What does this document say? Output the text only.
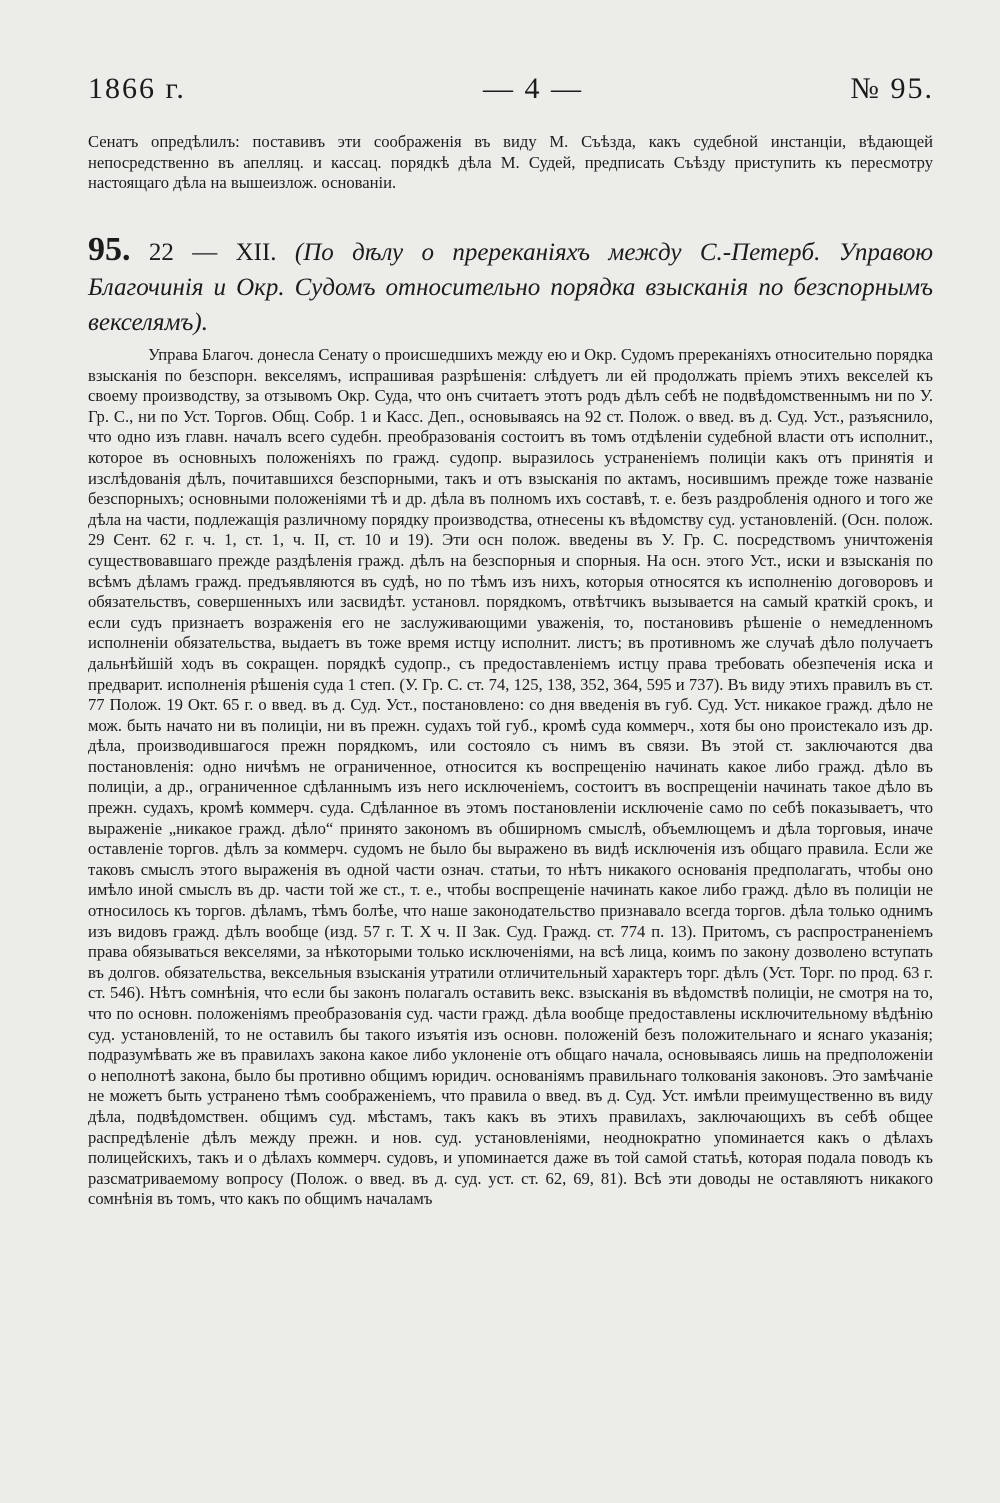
1866 г.	— 4 —	№ 95.

Сенатъ опредѣлилъ: поставивъ эти соображенія въ виду М. Съѣзда, какъ судебной инстанціи, вѣдающей непосредственно въ апелляц. и кассац. порядкѣ дѣла М. Судей, предписать Съѣзду приступить къ пересмотру настоящаго дѣла на вышеизлож. основаніи.

95. 22 — XII. (По дѣлу о пререканіяхъ между С.-Петерб. Управою Благочинія и Окр. Судомъ относительно порядка взысканія по безспорнымъ векселямъ).

Управа Благоч. донесла Сенату о происшедшихъ между ею и Окр. Судомъ пререканіяхъ относительно порядка взысканія по безспорн. векселямъ, испрашивая разрѣшенія: слѣдуетъ ли ей продолжать пріемъ этихъ векселей къ своему производству, за отзывомъ Окр. Суда, что онъ считаетъ этотъ родъ дѣлъ себѣ не подвѣдомственнымъ ни по У. Гр. С., ни по Уст. Торгов. Общ. Собр. 1 и Касс. Деп., основываясь на 92 ст. Полож. о введ. въ д. Суд. Уст., разъяснило, что одно изъ главн. началъ всего судебн. преобразованія состоитъ въ томъ отдѣленіи судебной власти отъ исполнит., которое въ основныхъ положеніяхъ по гражд. судопр. выразилось устраненіемъ полиціи какъ отъ принятія и изслѣдованія дѣлъ, почитавшихся безспорными, такъ и отъ взысканія по актамъ, носившимъ прежде тоже названіе безспорныхъ; основными положеніями тѣ и др. дѣла въ полномъ ихъ составѣ, т. е. безъ раздробленія одного и того же дѣла на части, подлежащія различному порядку производства, отнесены къ вѣдомству суд. установленій. (Осн. полож. 29 Сент. 62 г. ч. 1, ст. 1, ч. II, ст. 10 и 19). Эти осн полож. введены въ У. Гр. С. посредствомъ уничтоженія существовавшаго прежде раздѣленія гражд. дѣлъ на безспорныя и спорныя. На осн. этого Уст., иски и взысканія по всѣмъ дѣламъ гражд. предъявляются въ судѣ, но по тѣмъ изъ нихъ, которыя относятся къ исполненію договоровъ и обязательствъ, совершенныхъ или засвидѣт. установл. порядкомъ, отвѣтчикъ вызывается на самый краткій срокъ, и если судъ признаетъ возраженія его не заслуживающими уваженія, то, постановивъ рѣшеніе о немедленномъ исполненіи обязательства, выдаетъ въ тоже время истцу исполнит. листъ; въ противномъ же случаѣ дѣло получаетъ дальнѣйшій ходъ въ сокращен. порядкѣ судопр., съ предоставленіемъ истцу права требовать обезпеченія иска и предварит. исполненія рѣшенія суда 1 степ. (У. Гр. С. ст. 74, 125, 138, 352, 364, 595 и 737). Въ виду этихъ правилъ въ ст. 77 Полож. 19 Окт. 65 г. о введ. въ д. Суд. Уст., постановлено: со дня введенія въ губ. Суд. Уст. никакое гражд. дѣло не мож. быть начато ни въ полиціи, ни въ прежн. судахъ той губ., кромѣ суда коммерч., хотя бы оно проистекало изъ др. дѣла, производившагося прежн порядкомъ, или состояло съ нимъ въ связи. Въ этой ст. заключаются два постановленія: одно ничѣмъ не ограниченное, относится къ воспрещенію начинать какое либо гражд. дѣло въ полиціи, а др., ограниченное сдѣланнымъ изъ него исключеніемъ, состоитъ въ воспрещеніи начинать такое дѣло въ прежн. судахъ, кромѣ коммерч. суда. Сдѣланное въ этомъ постановленіи исключеніе само по себѣ показываетъ, что выраженіе „никакое гражд. дѣло“ принято закономъ въ обширномъ смыслѣ, объемлющемъ и дѣла торговыя, иначе оставленіе торгов. дѣлъ за коммерч. судомъ не было бы выражено въ видѣ исключенія изъ общаго правила. Если же таковъ смыслъ этого выраженія въ одной части означ. статьи, то нѣтъ никакого основанія предполагать, чтобы оно имѣло иной смыслъ въ др. части той же ст., т. е., чтобы воспрещеніе начинать какое либо гражд. дѣло въ полиціи не относилось къ торгов. дѣламъ, тѣмъ болѣе, что наше законодательство признавало всегда торгов. дѣла только однимъ изъ видовъ гражд. дѣлъ вообще (изд. 57 г. Т. X ч. II Зак. Суд. Гражд. ст. 774 п. 13). Притомъ, съ распространеніемъ права обязываться векселями, за нѣкоторыми только исключеніями, на всѣ лица, коимъ по закону дозволено вступать въ долгов. обязательства, вексельныя взысканія утратили отличительный характеръ торг. дѣлъ (Уст. Торг. по прод. 63 г. ст. 546). Нѣтъ сомнѣнія, что если бы законъ полагалъ оставить векс. взысканія въ вѣдомствѣ полиціи, не смотря на то, что по основн. положеніямъ преобразованія суд. части гражд. дѣла вообще предоставлены исключительному вѣдѣнію суд. установленій, то не оставилъ бы такого изъятія изъ основн. положеній безъ положительнаго и яснаго указанія; подразумѣвать же въ правилахъ закона какое либо уклоненіе отъ общаго начала, основываясь лишь на предположеніи о неполнотѣ закона, было бы противно общимъ юридич. основаніямъ правильнаго толкованія законовъ. Это замѣчаніе не можетъ быть устранено тѣмъ соображеніемъ, что правила о введ. въ д. Суд. Уст. имѣли преимущественно въ виду дѣла, подвѣдомствен. общимъ суд. мѣстамъ, такъ какъ въ этихъ правилахъ, заключающихъ въ себѣ общее распредѣленіе дѣлъ между прежн. и нов. суд. установленіями, неоднократно упоминается какъ о дѣлахъ полицейскихъ, такъ и о дѣлахъ коммерч. судовъ, и упоминается даже въ той самой статьѣ, которая подала поводъ къ разсматриваемому вопросу (Полож. о введ. въ д. суд. уст. ст. 62, 69, 81). Всѣ эти доводы не оставляютъ никакого сомнѣнія въ томъ, что какъ по общимъ началамъ
